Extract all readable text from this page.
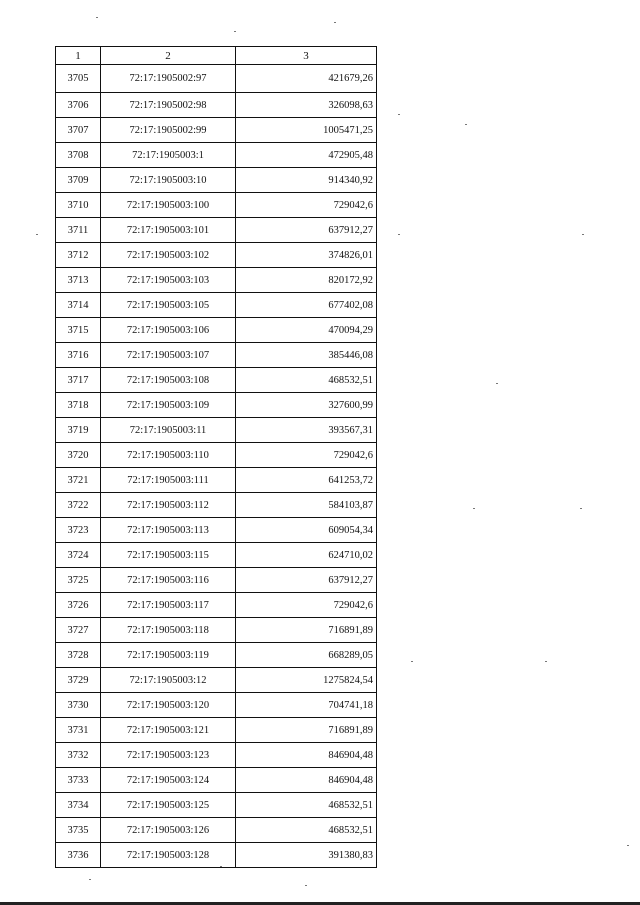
1	2	3
3705	72:17:1905002:97	421679,26
3706	72:17:1905002:98	326098,63
3707	72:17:1905002:99	1005471,25
3708	72:17:1905003:1	472905,48
3709	72:17:1905003:10	914340,92
3710	72:17:1905003:100	729042,6
3711	72:17:1905003:101	637912,27
3712	72:17:1905003:102	374826,01
3713	72:17:1905003:103	820172,92
3714	72:17:1905003:105	677402,08
3715	72:17:1905003:106	470094,29
3716	72:17:1905003:107	385446,08
3717	72:17:1905003:108	468532,51
3718	72:17:1905003:109	327600,99
3719	72:17:1905003:11	393567,31
3720	72:17:1905003:110	729042,6
3721	72:17:1905003:111	641253,72
3722	72:17:1905003:112	584103,87
3723	72:17:1905003:113	609054,34
3724	72:17:1905003:115	624710,02
3725	72:17:1905003:116	637912,27
3726	72:17:1905003:117	729042,6
3727	72:17:1905003:118	716891,89
3728	72:17:1905003:119	668289,05
3729	72:17:1905003:12	1275824,54
3730	72:17:1905003:120	704741,18
3731	72:17:1905003:121	716891,89
3732	72:17:1905003:123	846904,48
3733	72:17:1905003:124	846904,48
3734	72:17:1905003:125	468532,51
3735	72:17:1905003:126	468532,51
3736	72:17:1905003:128	391380,83
